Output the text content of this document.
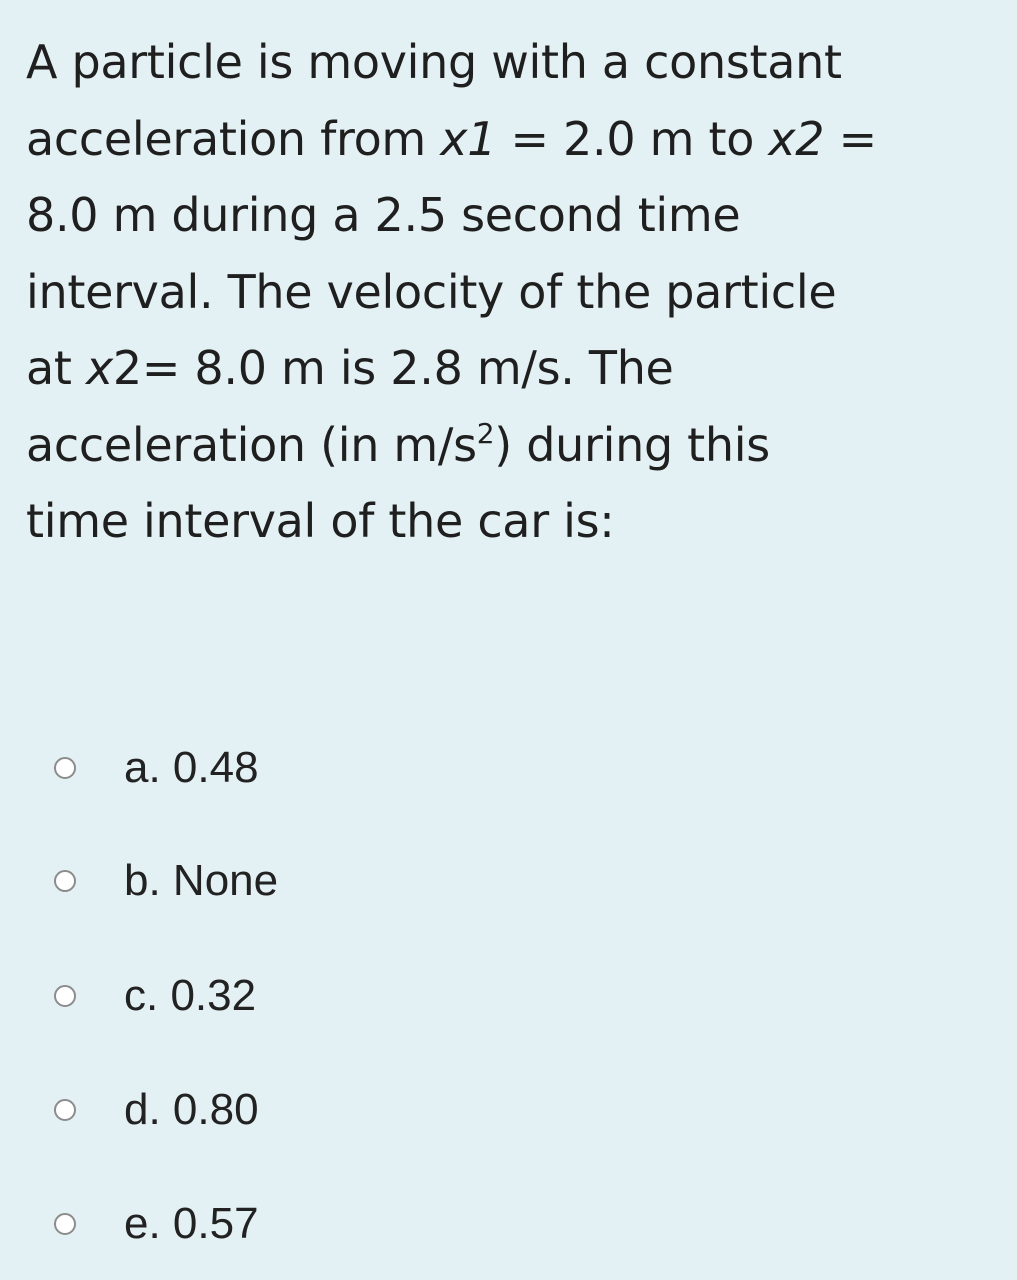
A particle is moving with a constant
acceleration from x1 = 2.0 m to x2 =
8.0 m during a 2.5 second time
interval. The velocity of the particle
at x2= 8.0 m is 2.8 m/s. The
acceleration (in $m/s^2$) during this
time interval of the car is:
a. 0.48
b. None
c. 0.32
d. 0.80
e. 0.57
